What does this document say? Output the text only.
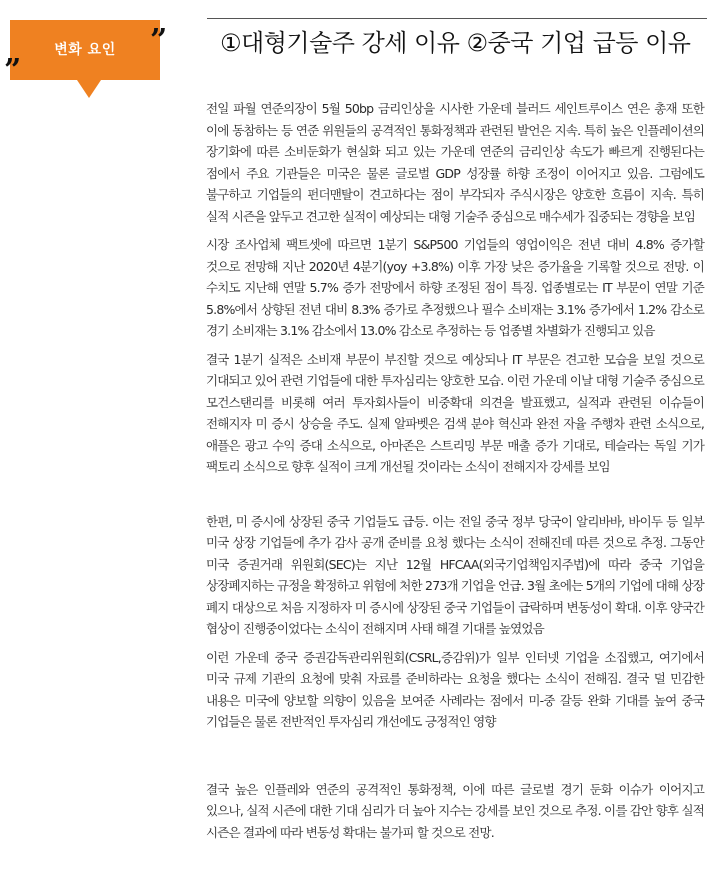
변화 요인	”
”
①대형기술주 강세 이유 ②중국 기업 급등 이유

전일 파월 연준의장이 5월 50bp 금리인상을 시사한 가운데 블러드 세인트루이스 연은 총재 또한 이에 동참하는 등 연준 위원들의 공격적인 통화정책과 관련된 발언은 지속. 특히 높은 인플레이션의 장기화에 따른 소비둔화가 현실화 되고 있는 가운데 연준의 금리인상 속도가 빠르게 진행된다는 점에서 주요 기관들은 미국은 물론 글로벌 GDP 성장률 하향 조정이 이어지고 있음. 그럼에도 불구하고 기업들의 펀더맨탈이 견고하다는 점이 부각되자 주식시장은 양호한 흐름이 지속. 특히 실적 시즌을 앞두고 견고한 실적이 예상되는 대형 기술주 중심으로 매수세가 집중되는 경향을 보임

시장 조사업체 팩트셋에 따르면 1분기 S&P500 기업들의 영업이익은 전년 대비 4.8% 증가할 것으로 전망해 지난 2020년 4분기(yoy +3.8%) 이후 가장 낮은 증가율을 기록할 것으로 전망. 이 수치도 지난해 연말 5.7% 증가 전망에서 하향 조정된 점이 특징. 업종별로는 IT 부문이 연말 기준 5.8%에서 상향된 전년 대비 8.3% 증가로 추정했으나 필수 소비재는 3.1% 증가에서 1.2% 감소로 경기 소비재는 3.1% 감소에서 13.0% 감소로 추정하는 등 업종별 차별화가 진행되고 있음

결국 1분기 실적은 소비재 부문이 부진할 것으로 예상되나 IT 부문은 견고한 모습을 보일 것으로 기대되고 있어 관련 기업들에 대한 투자심리는 양호한 모습. 이런 가운데 이날 대형 기술주 중심으로 모건스탠리를 비롯해 여러 투자회사들이 비중확대 의견을 발표했고, 실적과 관련된 이슈들이 전해지자 미 증시 상승을 주도. 실제 알파벳은 검색 분야 혁신과 완전 자율 주행차 관련 소식으로, 애플은 광고 수익 증대 소식으로, 아마존은 스트리밍 부문 매출 증가 기대로, 테슬라는 독일 기가 팩토리 소식으로 향후 실적이 크게 개선될 것이라는 소식이 전해지자 강세를 보임

한편, 미 증시에 상장된 중국 기업들도 급등. 이는 전일 중국 정부 당국이 알리바바, 바이두 등 일부 미국 상장 기업들에 추가 감사 공개 준비를 요청 했다는 소식이 전해진데 따른 것으로 추정. 그동안 미국 증권거래 위원회(SEC)는 지난 12월 HFCAA(외국기업책임지주법)에 따라 중국 기업을 상장폐지하는 규정을 확정하고 위험에 처한 273개 기업을 언급. 3월 초에는 5개의 기업에 대해 상장 폐지 대상으로 처음 지정하자 미 증시에 상장된 중국 기업들이 급락하며 변동성이 확대. 이후 양국간 협상이 진행중이었다는 소식이 전해지며 사태 해결 기대를 높였었음

이런 가운데 중국 증권감독관리위원회(CSRL,증감위)가 일부 인터넷 기업을 소집했고, 여기에서 미국 규제 기관의 요청에 맞춰 자료를 준비하라는 요청을 했다는 소식이 전해짐. 결국 덜 민감한 내용은 미국에 양보할 의향이 있음을 보여준 사례라는 점에서 미-중 갈등 완화 기대를 높여 중국 기업들은 물론 전반적인 투자심리 개선에도 긍정적인 영향

결국 높은 인플레와 연준의 공격적인 통화정책, 이에 따른 글로벌 경기 둔화 이슈가 이어지고 있으나, 실적 시즌에 대한 기대 심리가 더 높아 지수는 강세를 보인 것으로 추정. 이를 감안 향후 실적 시즌은 결과에 따라 변동성 확대는 불가피 할 것으로 전망.
